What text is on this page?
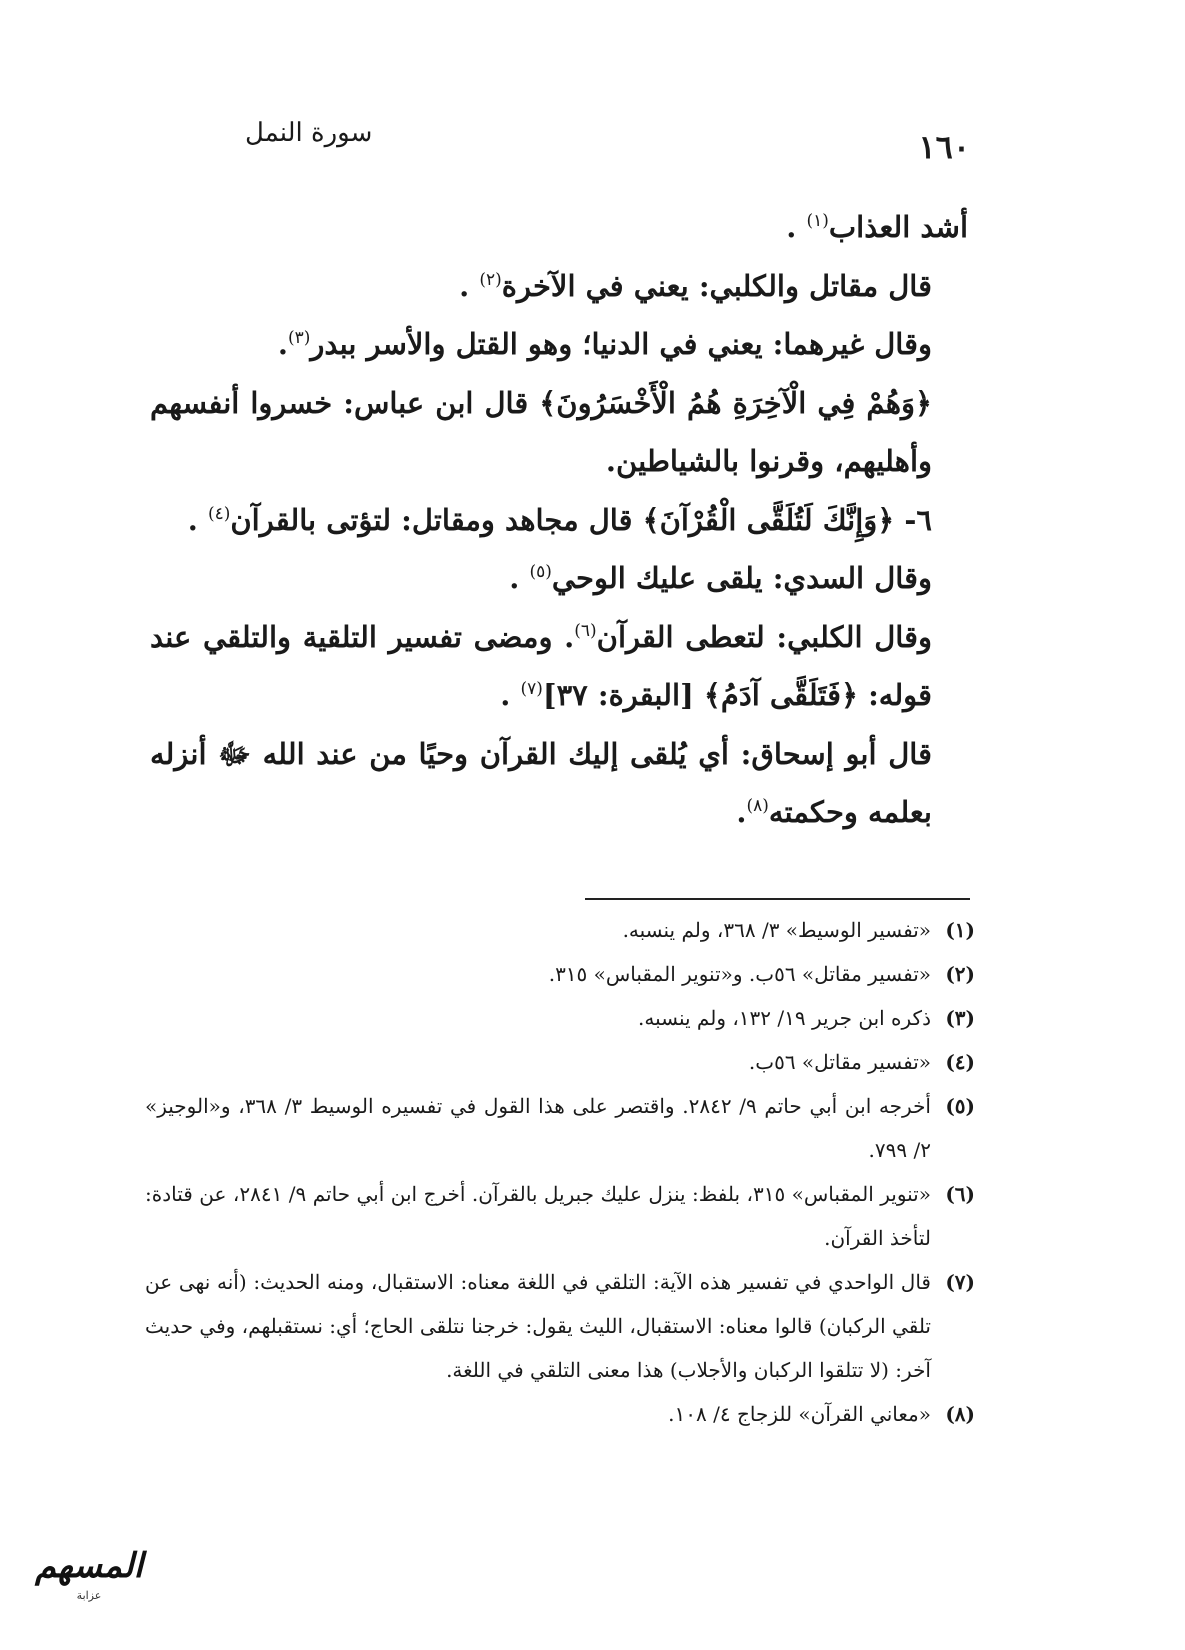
سورة النمل	١٦٠

أشد العذاب$^{(١)}$ .

قال مقاتل والكلبي: يعني في الآخرة$^{(٢)}$ .

وقال غيرهما: يعني في الدنيا؛ وهو القتل والأسر ببدر$^{(٣)}$.

﴿وَهُمْ فِي الْآخِرَةِ هُمُ الْأَخْسَرُونَ﴾ قال ابن عباس: خسروا أنفسهم وأهليهم، وقرنوا بالشياطين.

٦- ﴿وَإِنَّكَ لَتُلَقَّى الْقُرْآنَ﴾ قال مجاهد ومقاتل: لتؤتى بالقرآن$^{(٤)}$ .

وقال السدي: يلقى عليك الوحي$^{(٥)}$ .

وقال الكلبي: لتعطى القرآن$^{(٦)}$. ومضى تفسير التلقية والتلقي عند قوله: ﴿فَتَلَقَّى آدَمُ﴾ [البقرة: ٣٧]$^{(٧)}$ .

قال أبو إسحاق: أي يُلقى إليك القرآن وحيًا من عند الله ﷻ أنزله بعلمه وحكمته$^{(٨)}$.

(١)
«تفسير الوسيط» ٣/ ٣٦٨، ولم ينسبه.
(٢)
«تفسير مقاتل» ٥٦ب. و«تنوير المقباس» ٣١٥.
(٣)
ذكره ابن جرير ١٩/ ١٣٢، ولم ينسبه.
(٤)
«تفسير مقاتل» ٥٦ب.
(٥)
أخرجه ابن أبي حاتم ٩/ ٢٨٤٢. واقتصر على هذا القول في تفسيره الوسيط ٣/ ٣٦٨، و«الوجيز» ٢/ ٧٩٩.
(٦)
«تنوير المقباس» ٣١٥، بلفظ: ينزل عليك جبريل بالقرآن. أخرج ابن أبي حاتم ٩/ ٢٨٤١، عن قتادة: لتأخذ القرآن.
(٧)
قال الواحدي في تفسير هذه الآية: التلقي في اللغة معناه: الاستقبال، ومنه الحديث: (أنه نهى عن تلقي الركبان) قالوا معناه: الاستقبال، الليث يقول: خرجنا نتلقى الحاج؛ أي: نستقبلهم، وفي حديث آخر: (لا تتلقوا الركبان والأجلاب) هذا معنى التلقي في اللغة.
(٨)
«معاني القرآن» للزجاج ٤/ ١٠٨.
المسهم
عزابة
